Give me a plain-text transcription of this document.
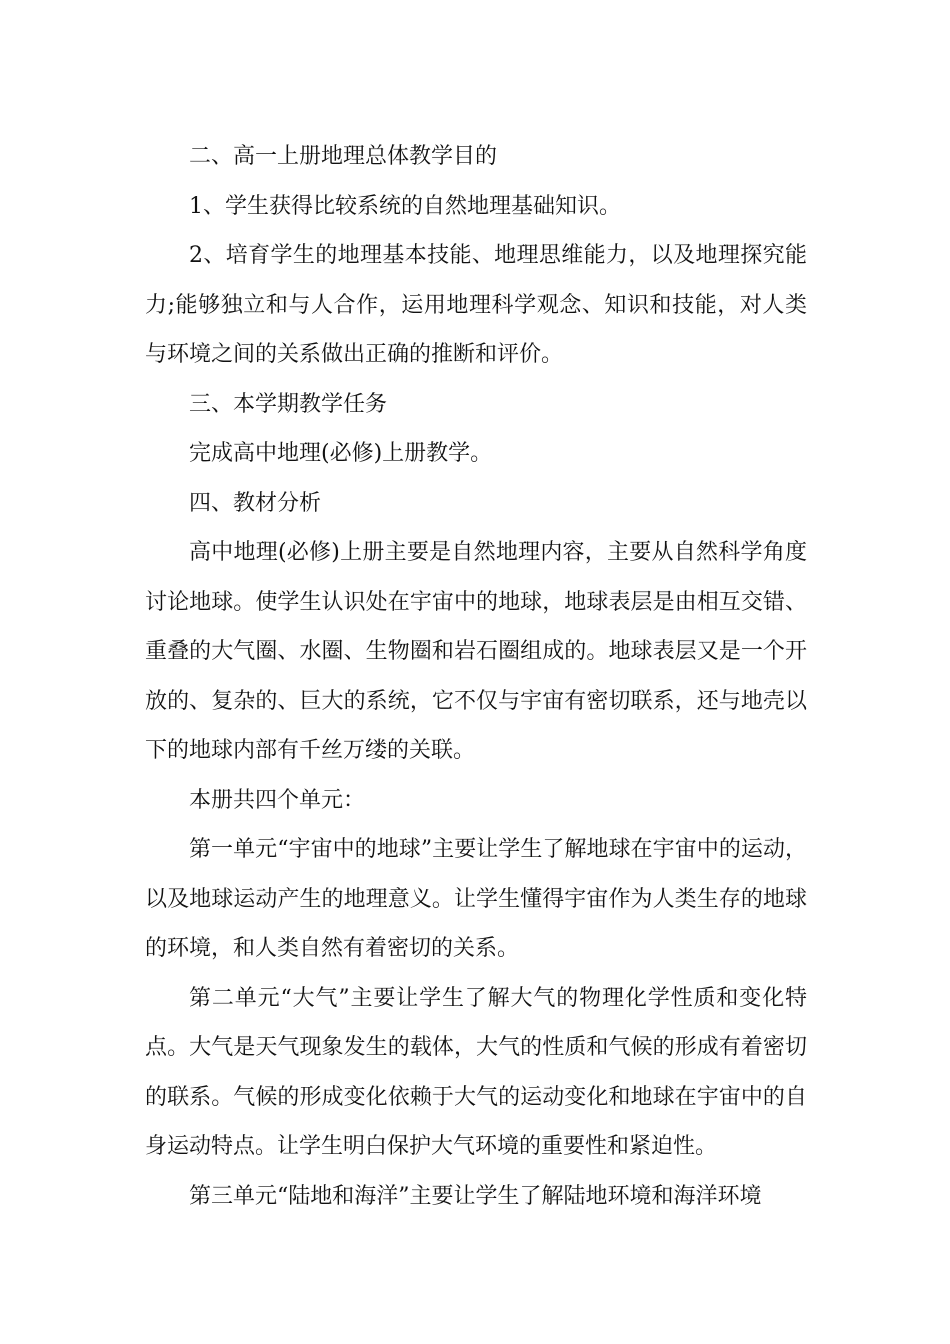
二、高一上册地理总体教学目的

1、学生获得比较系统的自然地理基础知识。

2、培育学生的地理基本技能、地理思维能力，以及地理探究能力;能够独立和与人合作，运用地理科学观念、知识和技能，对人类与环境之间的关系做出正确的推断和评价。

三、本学期教学任务

完成高中地理(必修)上册教学。

四、教材分析

高中地理(必修)上册主要是自然地理内容，主要从自然科学角度讨论地球。使学生认识处在宇宙中的地球，地球表层是由相互交错、重叠的大气圈、水圈、生物圈和岩石圈组成的。地球表层又是一个开放的、复杂的、巨大的系统，它不仅与宇宙有密切联系，还与地壳以下的地球内部有千丝万缕的关联。

本册共四个单元：

第一单元“宇宙中的地球”主要让学生了解地球在宇宙中的运动，以及地球运动产生的地理意义。让学生懂得宇宙作为人类生存的地球的环境，和人类自然有着密切的关系。

第二单元“大气”主要让学生了解大气的物理化学性质和变化特点。大气是天气现象发生的载体，大气的性质和气候的形成有着密切的联系。气候的形成变化依赖于大气的运动变化和地球在宇宙中的自身运动特点。让学生明白保护大气环境的重要性和紧迫性。

第三单元“陆地和海洋”主要让学生了解陆地环境和海洋环境
